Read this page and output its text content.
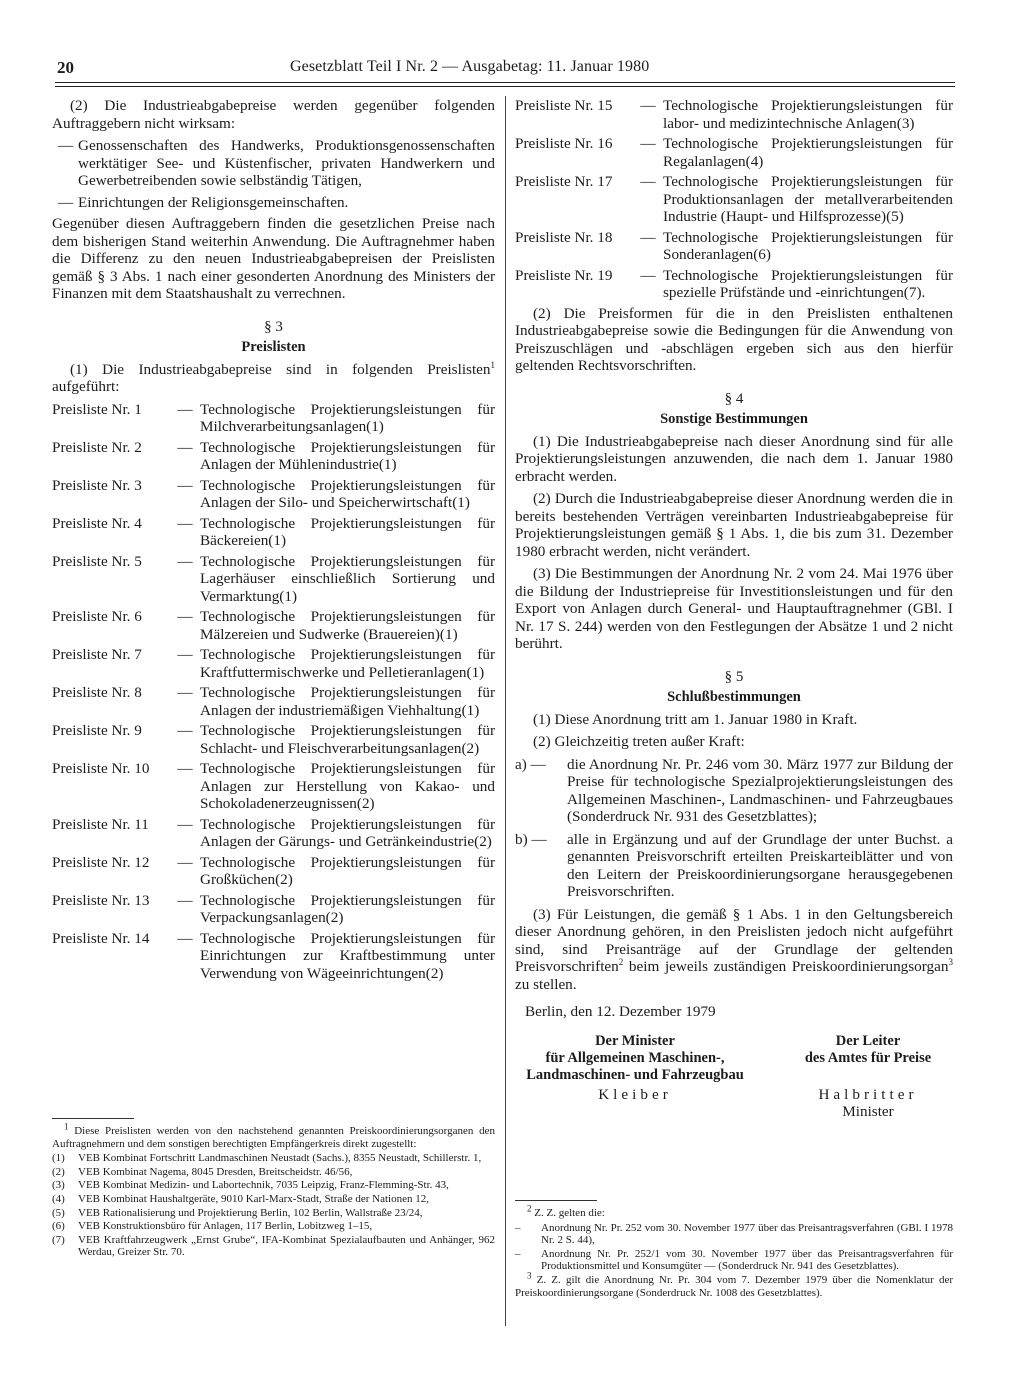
20	Gesetzblatt Teil I Nr. 2 — Ausgabetag: 11. Januar 1980

(2) Die Industrieabgabepreise werden gegenüber folgenden Auftraggebern nicht wirksam:

— Genossenschaften des Handwerks, Produktionsgenossenschaften werktätiger See- und Küstenfischer, privaten Handwerkern und Gewerbetreibenden sowie selbständig Tätigen,
— Einrichtungen der Religionsgemeinschaften.

Gegenüber diesen Auftraggebern finden die gesetzlichen Preise nach dem bisherigen Stand weiterhin Anwendung. Die Auftragnehmer haben die Differenz zu den neuen Industrieabgabepreisen der Preislisten gemäß § 3 Abs. 1 nach einer gesonderten Anordnung des Ministers der Finanzen mit dem Staatshaushalt zu verrechnen.

§ 3
Preislisten

(1) Die Industrieabgabepreise sind in folgenden Preislisten$^1$ aufgeführt:

Preisliste Nr. 1	— Technologische Projektierungsleistungen für Milchverarbeitungsanlagen(1)
Preisliste Nr. 2	— Technologische Projektierungsleistungen für Anlagen der Mühlenindustrie(1)
Preisliste Nr. 3	— Technologische Projektierungsleistungen für Anlagen der Silo- und Speicherwirtschaft(1)
Preisliste Nr. 4	— Technologische Projektierungsleistungen für Bäckereien(1)
Preisliste Nr. 5	— Technologische Projektierungsleistungen für Lagerhäuser einschließlich Sortierung und Vermarktung(1)
Preisliste Nr. 6	— Technologische Projektierungsleistungen für Mälzereien und Sudwerke (Brauereien)(1)
Preisliste Nr. 7	— Technologische Projektierungsleistungen für Kraftfuttermischwerke und Pelletieranlagen(1)
Preisliste Nr. 8	— Technologische Projektierungsleistungen für Anlagen der industriemäßigen Viehhaltung(1)
Preisliste Nr. 9	— Technologische Projektierungsleistungen für Schlacht- und Fleischverarbeitungsanlagen(2)
Preisliste Nr. 10	— Technologische Projektierungsleistungen für Anlagen zur Herstellung von Kakao- und Schokoladenerzeugnissen(2)
Preisliste Nr. 11	— Technologische Projektierungsleistungen für Anlagen der Gärungs- und Getränkeindustrie(2)
Preisliste Nr. 12	— Technologische Projektierungsleistungen für Großküchen(2)
Preisliste Nr. 13	— Technologische Projektierungsleistungen für Verpackungsanlagen(2)
Preisliste Nr. 14	— Technologische Projektierungsleistungen für Einrichtungen zur Kraftbestimmung unter Verwendung von Wägeeinrichtungen(2)

$^1$ Diese Preislisten werden von den nachstehend genannten Preiskoordinierungsorganen den Auftragnehmern und dem sonstigen berechtigten Empfängerkreis direkt zugestellt:

(1)	VEB Kombinat Fortschritt Landmaschinen Neustadt (Sachs.), 8355 Neustadt, Schillerstr. 1,
(2)	VEB Kombinat Nagema, 8045 Dresden, Breitscheidstr. 46/56,
(3)	VEB Kombinat Medizin- und Labortechnik, 7035 Leipzig, Franz-Flemming-Str. 43,
(4)	VEB Kombinat Haushaltgeräte, 9010 Karl-Marx-Stadt, Straße der Nationen 12,
(5)	VEB Rationalisierung und Projektierung Berlin, 102 Berlin, Wallstraße 23/24,
(6)	VEB Konstruktionsbüro für Anlagen, 117 Berlin, Lobitzweg 1–15,
(7)	VEB Kraftfahrzeugwerk „Ernst Grube“, IFA-Kombinat Spezialaufbauten und Anhänger, 962 Werdau, Greizer Str. 70.
Preisliste Nr. 15	— Technologische Projektierungsleistungen für labor- und medizintechnische Anlagen(3)
Preisliste Nr. 16	— Technologische Projektierungsleistungen für Regalanlagen(4)
Preisliste Nr. 17	— Technologische Projektierungsleistungen für Produktionsanlagen der metallverarbeitenden Industrie (Haupt- und Hilfsprozesse)(5)
Preisliste Nr. 18	— Technologische Projektierungsleistungen für Sonderanlagen(6)
Preisliste Nr. 19	— Technologische Projektierungsleistungen für spezielle Prüfstände und -einrichtungen(7).

(2) Die Preisformen für die in den Preislisten enthaltenen Industrieabgabepreise sowie die Bedingungen für die Anwendung von Preiszuschlägen und -abschlägen ergeben sich aus den hierfür geltenden Rechtsvorschriften.

§ 4
Sonstige Bestimmungen

(1) Die Industrieabgabepreise nach dieser Anordnung sind für alle Projektierungsleistungen anzuwenden, die nach dem 1. Januar 1980 erbracht werden.

(2) Durch die Industrieabgabepreise dieser Anordnung werden die in bereits bestehenden Verträgen vereinbarten Industrieabgabepreise für Projektierungsleistungen gemäß § 1 Abs. 1, die bis zum 31. Dezember 1980 erbracht werden, nicht verändert.

(3) Die Bestimmungen der Anordnung Nr. 2 vom 24. Mai 1976 über die Bildung der Industriepreise für Investitionsleistungen und für den Export von Anlagen durch General- und Hauptauftragnehmer (GBl. I Nr. 17 S. 244) werden von den Festlegungen der Absätze 1 und 2 nicht berührt.

§ 5
Schlußbestimmungen

(1) Diese Anordnung tritt am 1. Januar 1980 in Kraft.

(2) Gleichzeitig treten außer Kraft:

a) —	die Anordnung Nr. Pr. 246 vom 30. März 1977 zur Bildung der Preise für technologische Spezialprojektierungsleistungen des Allgemeinen Maschinen-, Landmaschinen- und Fahrzeugbaues (Sonderdruck Nr. 931 des Gesetzblattes);
b) —	alle in Ergänzung und auf der Grundlage der unter Buchst. a genannten Preisvorschrift erteilten Preiskarteiblätter und von den Leitern der Preiskoordinierungsorgane herausgegebenen Preisvorschriften.

(3) Für Leistungen, die gemäß § 1 Abs. 1 in den Geltungsbereich dieser Anordnung gehören, in den Preislisten jedoch nicht aufgeführt sind, sind Preisanträge auf der Grundlage der geltenden Preisvorschriften$^2$ beim jeweils zuständigen Preiskoordinierungsorgan$^3$ zu stellen.

Berlin, den 12. Dezember 1979
Der Minister
für Allgemeinen Maschinen-,
Landmaschinen- und Fahrzeugbau
Kleiber
Der Leiter
des Amtes für Preise
Halbritter
Minister

$^2$ Z. Z. gelten die:

–	Anordnung Nr. Pr. 252 vom 30. November 1977 über das Preisantragsverfahren (GBl. I 1978 Nr. 2 S. 44),
–	Anordnung Nr. Pr. 252/1 vom 30. November 1977 über das Preisantragsverfahren für Produktionsmittel und Konsumgüter — (Sonderdruck Nr. 941 des Gesetzblattes).

$^3$ Z. Z. gilt die Anordnung Nr. Pr. 304 vom 7. Dezember 1979 über die Nomenklatur der Preiskoordinierungsorgane (Sonderdruck Nr. 1008 des Gesetzblattes).
